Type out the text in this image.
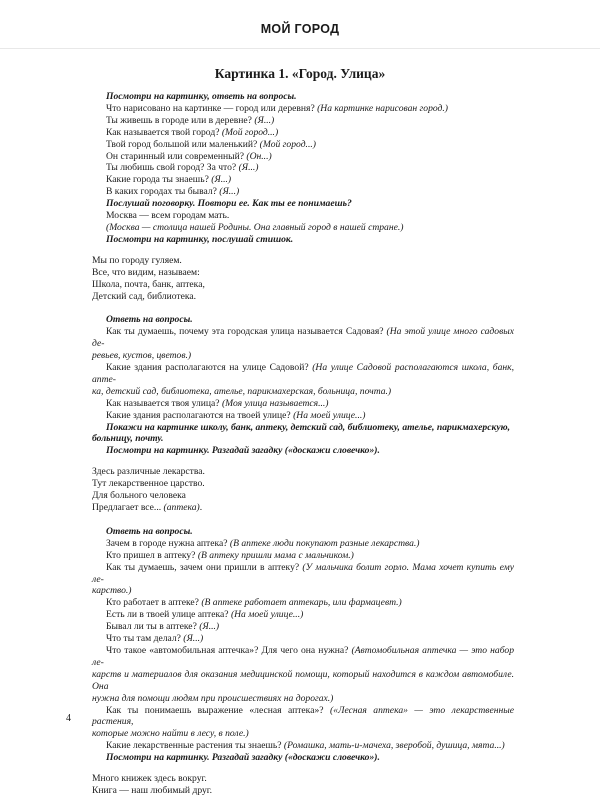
МОЙ ГОРОД
Картинка 1. «Город. Улица»

Посмотри на картинку, ответь на вопросы.

Что нарисовано на картинке — город или деревня? (На картинке нарисован город.)

Ты живешь в городе или в деревне? (Я...)

Как называется твой город? (Мой город...)

Твой город большой или маленький? (Мой город...)

Он старинный или современный? (Он...)

Ты любишь свой город? За что? (Я...)

Какие города ты знаешь? (Я...)

В каких городах ты бывал? (Я...)

Послушай поговорку. Повтори ее. Как ты ее понимаешь?

Москва — всем городам мать.

(Москва — столица нашей Родины. Она главный город в нашей стране.)

Посмотри на картинку, послушай стишок.

Мы по городу гуляем.

Все, что видим, называем:

Школа, почта, банк, аптека,

Детский сад, библиотека.

Ответь на вопросы.

Как ты думаешь, почему эта городская улица называется Садовая? (На этой улице много садовых де-

ревьев, кустов, цветов.)

Какие здания располагаются на улице Садовой? (На улице Садовой располагаются школа, банк, апте-

ка, детский сад, библиотека, ателье, парикмахерская, больница, почта.)

Как называется твоя улица? (Моя улица называется...)

Какие здания располагаются на твоей улице? (На моей улице...)

Покажи на картинке школу, банк, аптеку, детский сад, библиотеку, ателье, парикмахерскую,

больницу, почту.

Посмотри на картинку. Разгадай загадку («доскажи словечко»).

Здесь различные лекарства.

Тут лекарственное царство.

Для больного человека

Предлагает все... (аптека).

Ответь на вопросы.

Зачем в городе нужна аптека? (В аптеке люди покупают разные лекарства.)

Кто пришел в аптеку? (В аптеку пришли мама с мальчиком.)

Как ты думаешь, зачем они пришли в аптеку? (У мальчика болит горло. Мама хочет купить ему ле-

карство.)

Кто работает в аптеке? (В аптеке работает аптекарь, или фармацевт.)

Есть ли в твоей улице аптека? (На моей улице...)

Бывал ли ты в аптеке? (Я...)

Что ты там делал? (Я...)

Что такое «автомобильная аптечка»? Для чего она нужна? (Автомобильная аптечка — это набор ле-

карств и материалов для оказания медицинской помощи, который находится в каждом автомобиле. Она

нужна для помощи людям при происшествиях на дорогах.)

Как ты понимаешь выражение «лесная аптека»? («Лесная аптека» — это лекарственные растения,

которые можно найти в лесу, в поле.)

Какие лекарственные растения ты знаешь? (Ромашка, мать-и-мачеха, зверобой, душица, мята...)

Посмотри на картинку. Разгадай загадку («доскажи словечко»).

Много книжек здесь вокруг.

Книга — наш любимый друг.

4
